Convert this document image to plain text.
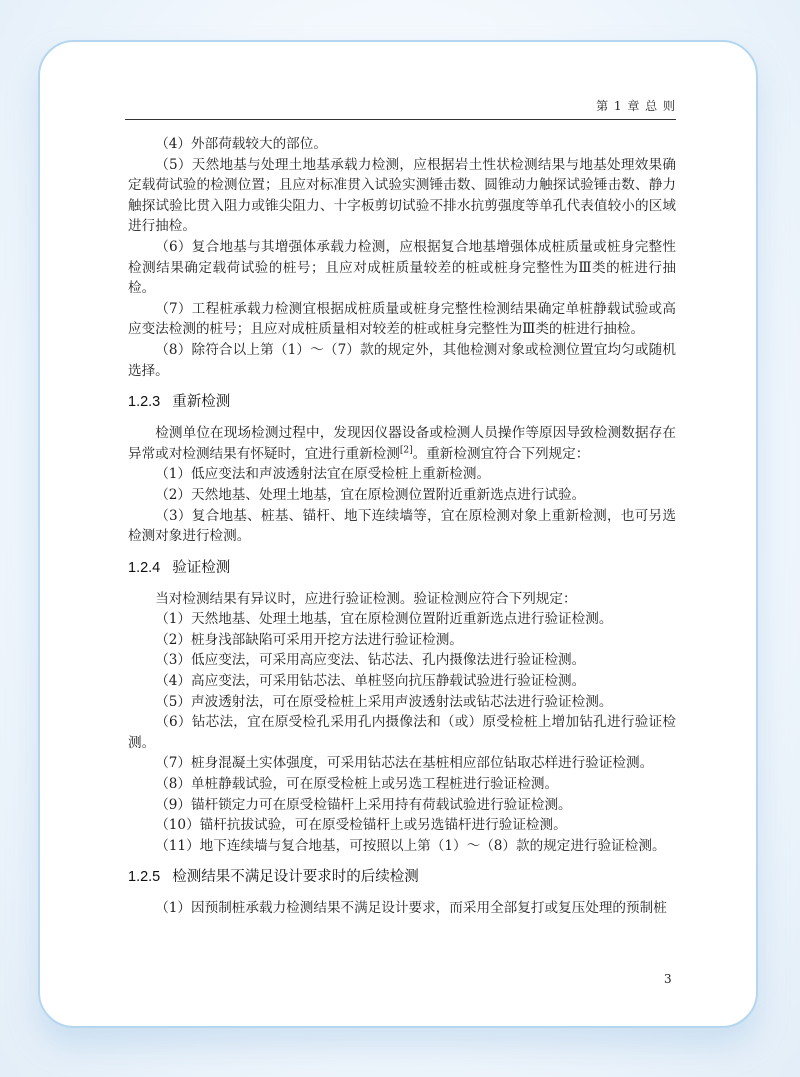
第 1 章 总 则

（4）外部荷载较大的部位。

（5）天然地基与处理土地基承载力检测，应根据岩土性状检测结果与地基处理效果确定载荷试验的检测位置；且应对标准贯入试验实测锤击数、圆锥动力触探试验锤击数、静力触探试验比贯入阻力或锥尖阻力、十字板剪切试验不排水抗剪强度等单孔代表值较小的区域进行抽检。

（6）复合地基与其增强体承载力检测，应根据复合地基增强体成桩质量或桩身完整性检测结果确定载荷试验的桩号；且应对成桩质量较差的桩或桩身完整性为Ⅲ类的桩进行抽检。

（7）工程桩承载力检测宜根据成桩质量或桩身完整性检测结果确定单桩静载试验或高应变法检测的桩号；且应对成桩质量相对较差的桩或桩身完整性为Ⅲ类的桩进行抽检。

（8）除符合以上第（1）～（7）款的规定外，其他检测对象或检测位置宜均匀或随机选择。

1.2.3 重新检测

检测单位在现场检测过程中，发现因仪器设备或检测人员操作等原因导致检测数据存在异常或对检测结果有怀疑时，宜进行重新检测[2]。重新检测宜符合下列规定：

（1）低应变法和声波透射法宜在原受检桩上重新检测。

（2）天然地基、处理土地基，宜在原检测位置附近重新选点进行试验。

（3）复合地基、桩基、锚杆、地下连续墙等，宜在原检测对象上重新检测，也可另选检测对象进行检测。

1.2.4 验证检测

当对检测结果有异议时，应进行验证检测。验证检测应符合下列规定：

（1）天然地基、处理土地基，宜在原检测位置附近重新选点进行验证检测。

（2）桩身浅部缺陷可采用开挖方法进行验证检测。

（3）低应变法，可采用高应变法、钻芯法、孔内摄像法进行验证检测。

（4）高应变法，可采用钻芯法、单桩竖向抗压静载试验进行验证检测。

（5）声波透射法，可在原受检桩上采用声波透射法或钻芯法进行验证检测。

（6）钻芯法，宜在原受检孔采用孔内摄像法和（或）原受检桩上增加钻孔进行验证检测。

（7）桩身混凝土实体强度，可采用钻芯法在基桩相应部位钻取芯样进行验证检测。

（8）单桩静载试验，可在原受检桩上或另选工程桩进行验证检测。

（9）锚杆锁定力可在原受检锚杆上采用持有荷载试验进行验证检测。

（10）锚杆抗拔试验，可在原受检锚杆上或另选锚杆进行验证检测。

（11）地下连续墙与复合地基，可按照以上第（1）～（8）款的规定进行验证检测。

1.2.5 检测结果不满足设计要求时的后续检测

（1）因预制桩承载力检测结果不满足设计要求，而采用全部复打或复压处理的预制桩

3
